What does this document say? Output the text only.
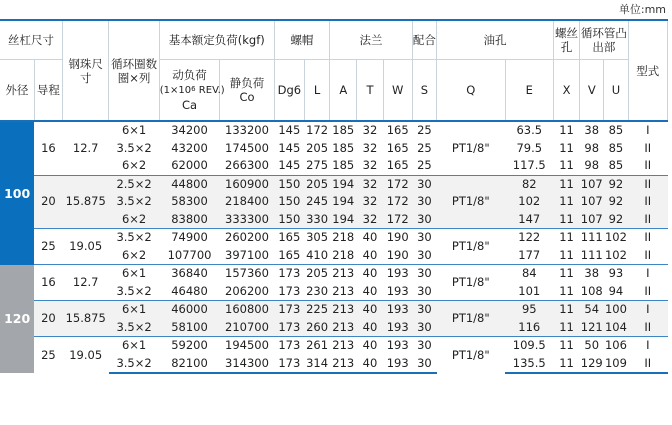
单位:mm
丝杠尺寸		钢珠尺寸	循环圈数圈×列	基本额定负荷(kgf)		螺帽		法兰			配合	油孔		螺丝孔	循环管凸出部		型式
外径	导程			动负荷
($1\times 10^6$ REV.)
Ca	静负荷
Co	Dg6	L	A	T	W	S	Q	E	X	V	U	
100	16	12.7	6×1	34200	133200	145	172	185	32	165	25	PT1/8"	63.5	11	38	85	I
			3.5×2	43200	174500	145	205	185	32	165	25		79.5	11	98	85	II
			6×2	62000	266300	145	275	185	32	165	25		117.5	11	98	85	II
	20	15.875	2.5×2	44800	160900	150	205	194	32	172	30	PT1/8"	82	11	107	92	II
			3.5×2	58300	218400	150	245	194	32	172	30		102	11	107	92	II
			6×2	83800	333300	150	330	194	32	172	30		147	11	107	92	II
	25	19.05	3.5×2	74900	260200	165	305	218	40	190	30	PT1/8"	122	11	111	102	II
			6×2	107700	397100	165	410	218	40	190	30		177	11	111	102	II
120	16	12.7	6×1	36840	157360	173	205	213	40	193	30	PT1/8"	84	11	38	93	I
			3.5×2	46480	206200	173	230	213	40	193	30		101	11	108	94	II
	20	15.875	6×1	46000	160800	173	225	213	40	193	30	PT1/8"	95	11	54	100	I
			3.5×2	58100	210700	173	260	213	40	193	30		116	11	121	104	II
	25	19.05	6×1	59200	194500	173	261	213	40	193	30	PT1/8"	109.5	11	50	106	I
			3.5×2	82100	314300	173	314	213	40	193	30		135.5	11	129	109	II
